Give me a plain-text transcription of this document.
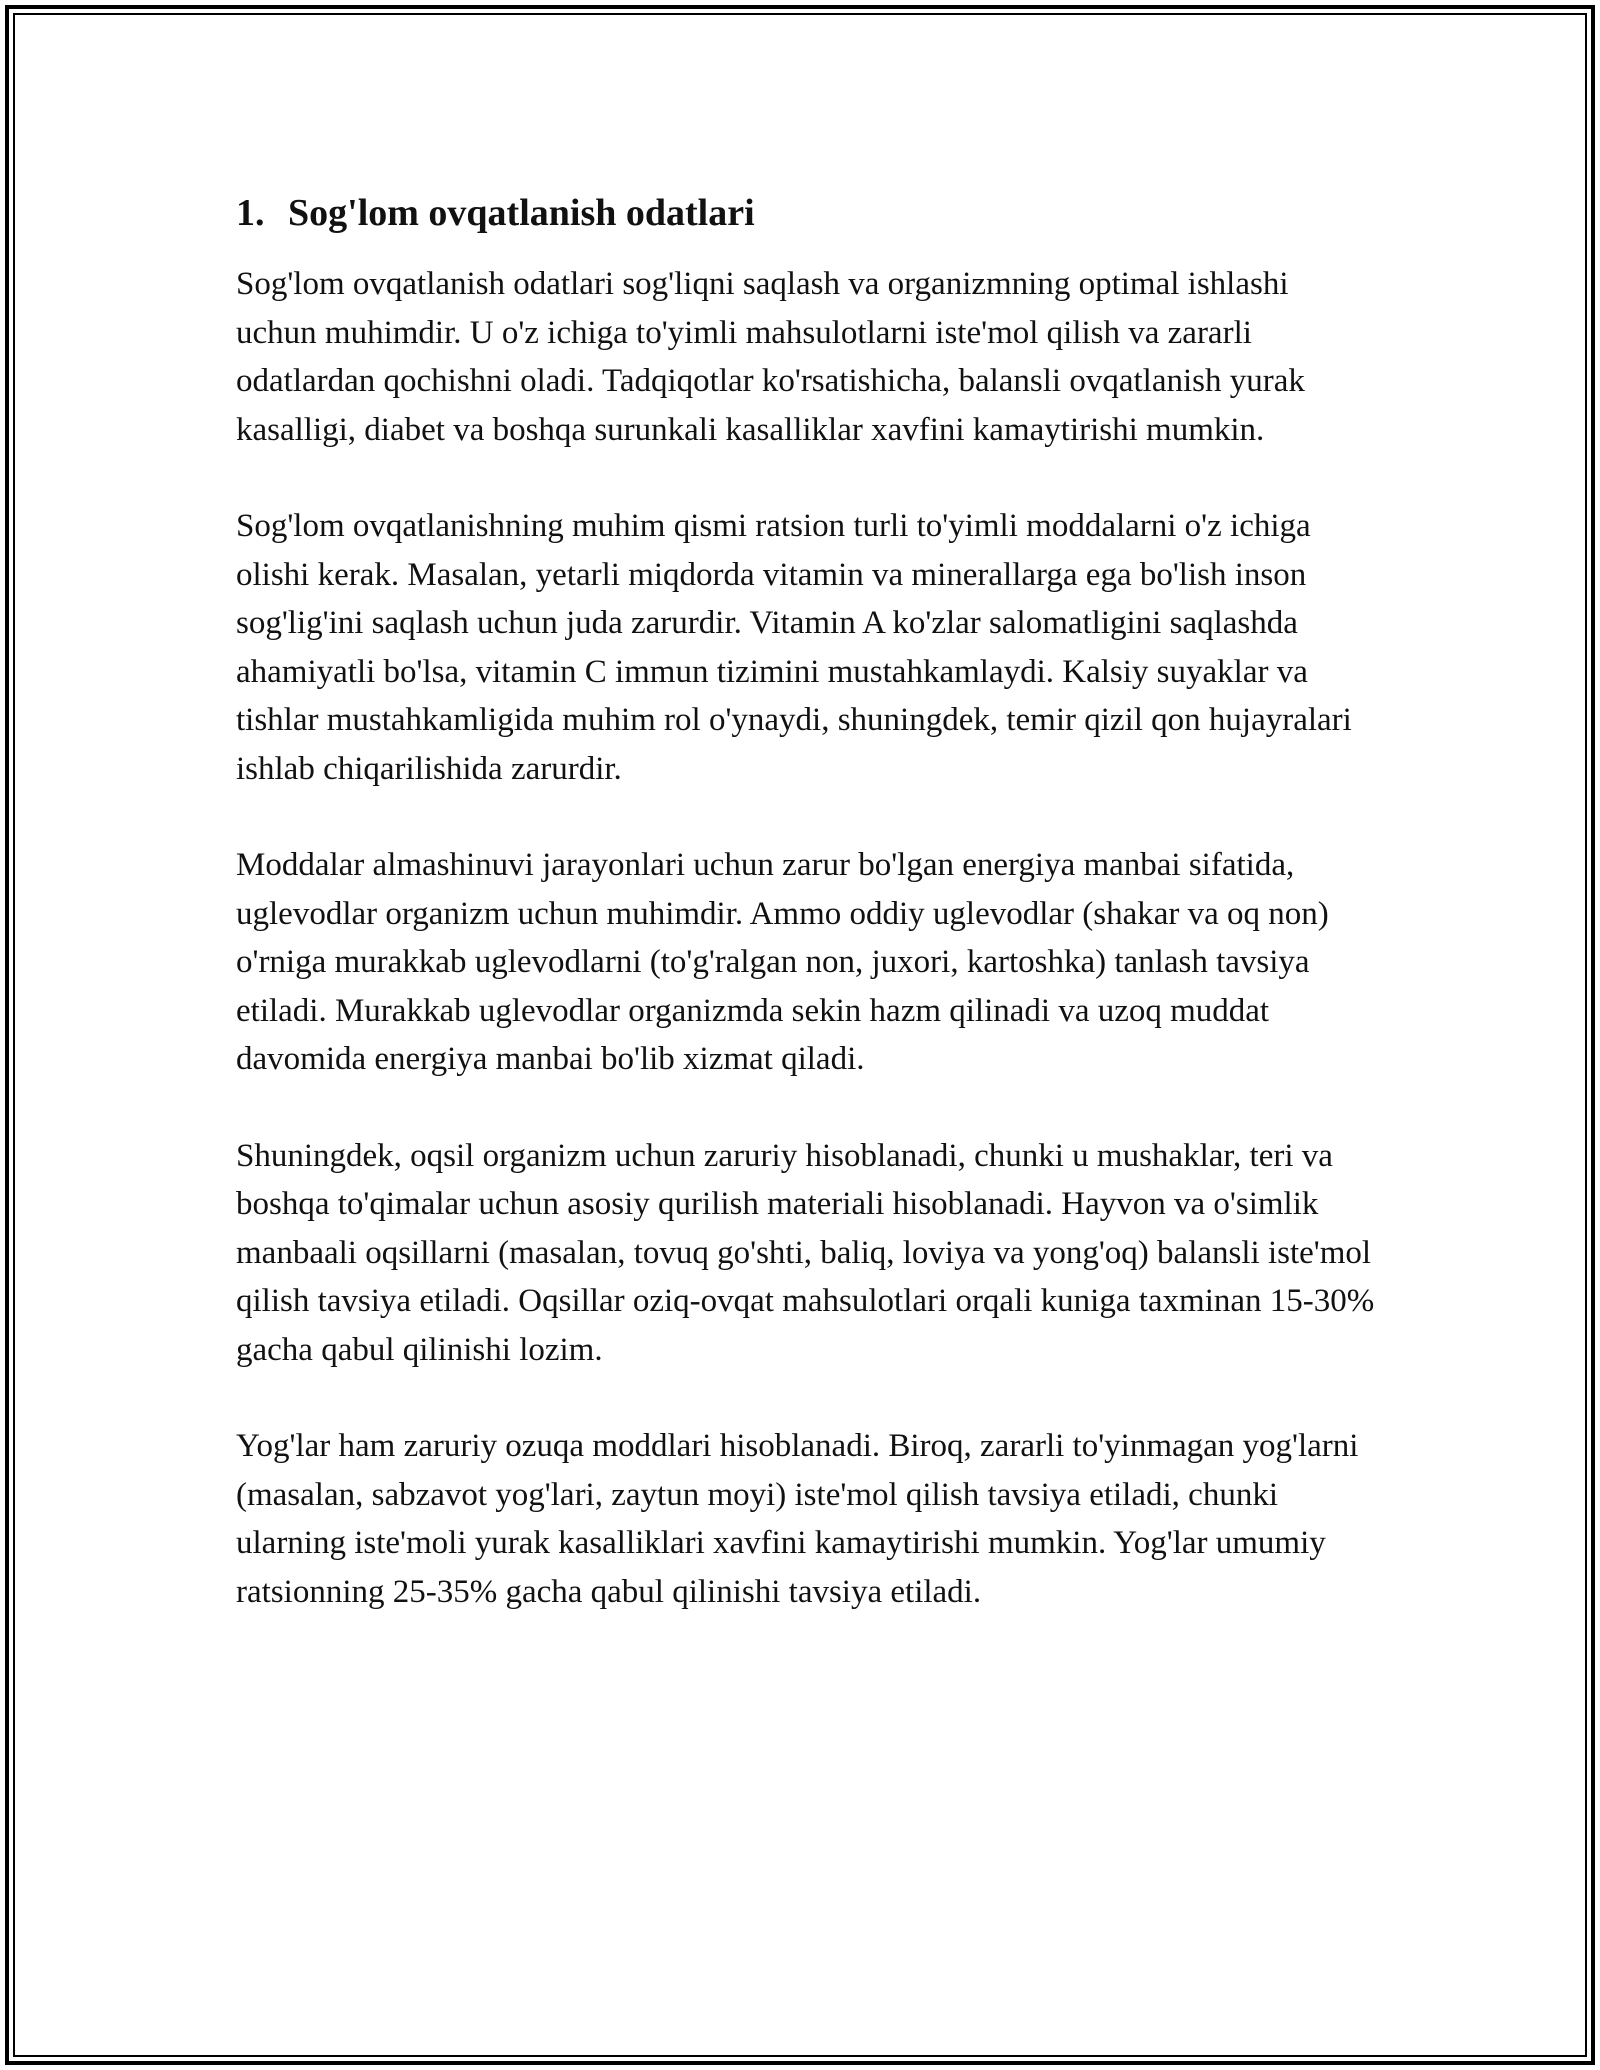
1. Sog'lom ovqatlanish odatlari

Sog'lom ovqatlanish odatlari sog'liqni saqlash va organizmning optimal ishlashi uchun muhimdir. U o'z ichiga to'yimli mahsulotlarni iste'mol qilish va zararli odatlardan qochishni oladi. Tadqiqotlar ko'rsatishicha, balansli ovqatlanish yurak kasalligi, diabet va boshqa surunkali kasalliklar xavfini kamaytirishi mumkin.

Sog'lom ovqatlanishning muhim qismi ratsion turli to'yimli moddalarni o'z ichiga olishi kerak. Masalan, yetarli miqdorda vitamin va minerallarga ega bo'lish inson sog'lig'ini saqlash uchun juda zarurdir. Vitamin A ko'zlar salomatligini saqlashda ahamiyatli bo'lsa, vitamin C immun tizimini mustahkamlaydi. Kalsiy suyaklar va tishlar mustahkamligida muhim rol o'ynaydi, shuningdek, temir qizil qon hujayralari ishlab chiqarilishida zarurdir.

Moddalar almashinuvi jarayonlari uchun zarur bo'lgan energiya manbai sifatida, uglevodlar organizm uchun muhimdir. Ammo oddiy uglevodlar (shakar va oq non) o'rniga murakkab uglevodlarni (to'g'ralgan non, juxori, kartoshka) tanlash tavsiya etiladi. Murakkab uglevodlar organizmda sekin hazm qilinadi va uzoq muddat davomida energiya manbai bo'lib xizmat qiladi.

Shuningdek, oqsil organizm uchun zaruriy hisoblanadi, chunki u mushaklar, teri va boshqa to'qimalar uchun asosiy qurilish materiali hisoblanadi. Hayvon va o'simlik manbaali oqsillarni (masalan, tovuq go'shti, baliq, loviya va yong'oq) balansli iste'mol qilish tavsiya etiladi. Oqsillar oziq-ovqat mahsulotlari orqali kuniga taxminan 15-30% gacha qabul qilinishi lozim.

Yog'lar ham zaruriy ozuqa moddlari hisoblanadi. Biroq, zararli to'yinmagan yog'larni (masalan, sabzavot yog'lari, zaytun moyi) iste'mol qilish tavsiya etiladi, chunki ularning iste'moli yurak kasalliklari xavfini kamaytirishi mumkin. Yog'lar umumiy ratsionning 25-35% gacha qabul qilinishi tavsiya etiladi.
